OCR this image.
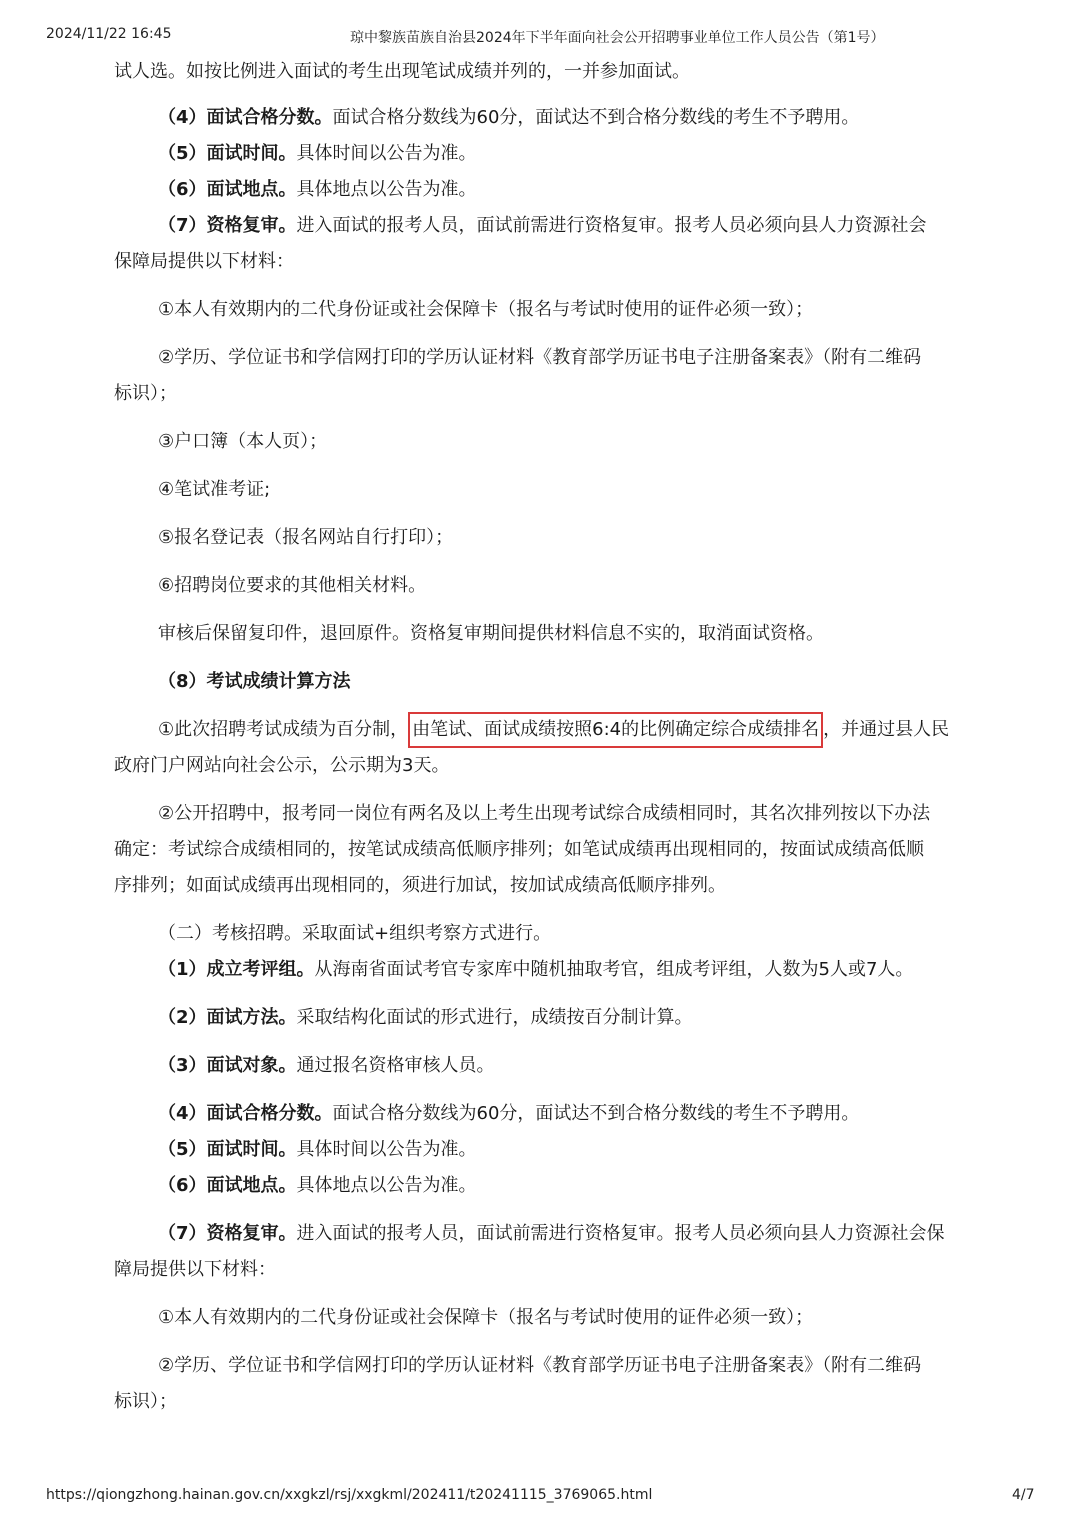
2024/11/22 16:45	琼中黎族苗族自治县2024年下半年面向社会公开招聘事业单位工作人员公告（第1号）

试人选。如按比例进入面试的考生出现笔试成绩并列的，一并参加面试。

（4）面试合格分数。面试合格分数线为60分，面试达不到合格分数线的考生不予聘用。

（5）面试时间。具体时间以公告为准。

（6）面试地点。具体地点以公告为准。

（7）资格复审。进入面试的报考人员，面试前需进行资格复审。报考人员必须向县人力资源社会

保障局提供以下材料：

①本人有效期内的二代身份证或社会保障卡（报名与考试时使用的证件必须一致）；

②学历、学位证书和学信网打印的学历认证材料《教育部学历证书电子注册备案表》（附有二维码

标识）；

③户口簿（本人页）；

④笔试准考证;

⑤报名登记表（报名网站自行打印）；

⑥招聘岗位要求的其他相关材料。

审核后保留复印件，退回原件。资格复审期间提供材料信息不实的，取消面试资格。

（8）考试成绩计算方法

①此次招聘考试成绩为百分制， 由笔试、面试成绩按照6:4的比例确定综合成绩排名 ，并通过县人民

政府门户网站向社会公示，公示期为3天。

②公开招聘中，报考同一岗位有两名及以上考生出现考试综合成绩相同时，其名次排列按以下办法

确定：考试综合成绩相同的，按笔试成绩高低顺序排列；如笔试成绩再出现相同的，按面试成绩高低顺

序排列；如面试成绩再出现相同的，须进行加试，按加试成绩高低顺序排列。

（二）考核招聘。采取面试+组织考察方式进行。

（1）成立考评组。从海南省面试考官专家库中随机抽取考官，组成考评组，人数为5人或7人。

（2）面试方法。采取结构化面试的形式进行，成绩按百分制计算。

（3）面试对象。通过报名资格审核人员。

（4）面试合格分数。面试合格分数线为60分，面试达不到合格分数线的考生不予聘用。

（5）面试时间。具体时间以公告为准。

（6）面试地点。具体地点以公告为准。

（7）资格复审。进入面试的报考人员，面试前需进行资格复审。报考人员必须向县人力资源社会保

障局提供以下材料：

①本人有效期内的二代身份证或社会保障卡（报名与考试时使用的证件必须一致）；

②学历、学位证书和学信网打印的学历认证材料《教育部学历证书电子注册备案表》（附有二维码

标识）；

https://qiongzhong.hainan.gov.cn/xxgkzl/rsj/xxgkml/202411/t20241115_3769065.html	4/7
